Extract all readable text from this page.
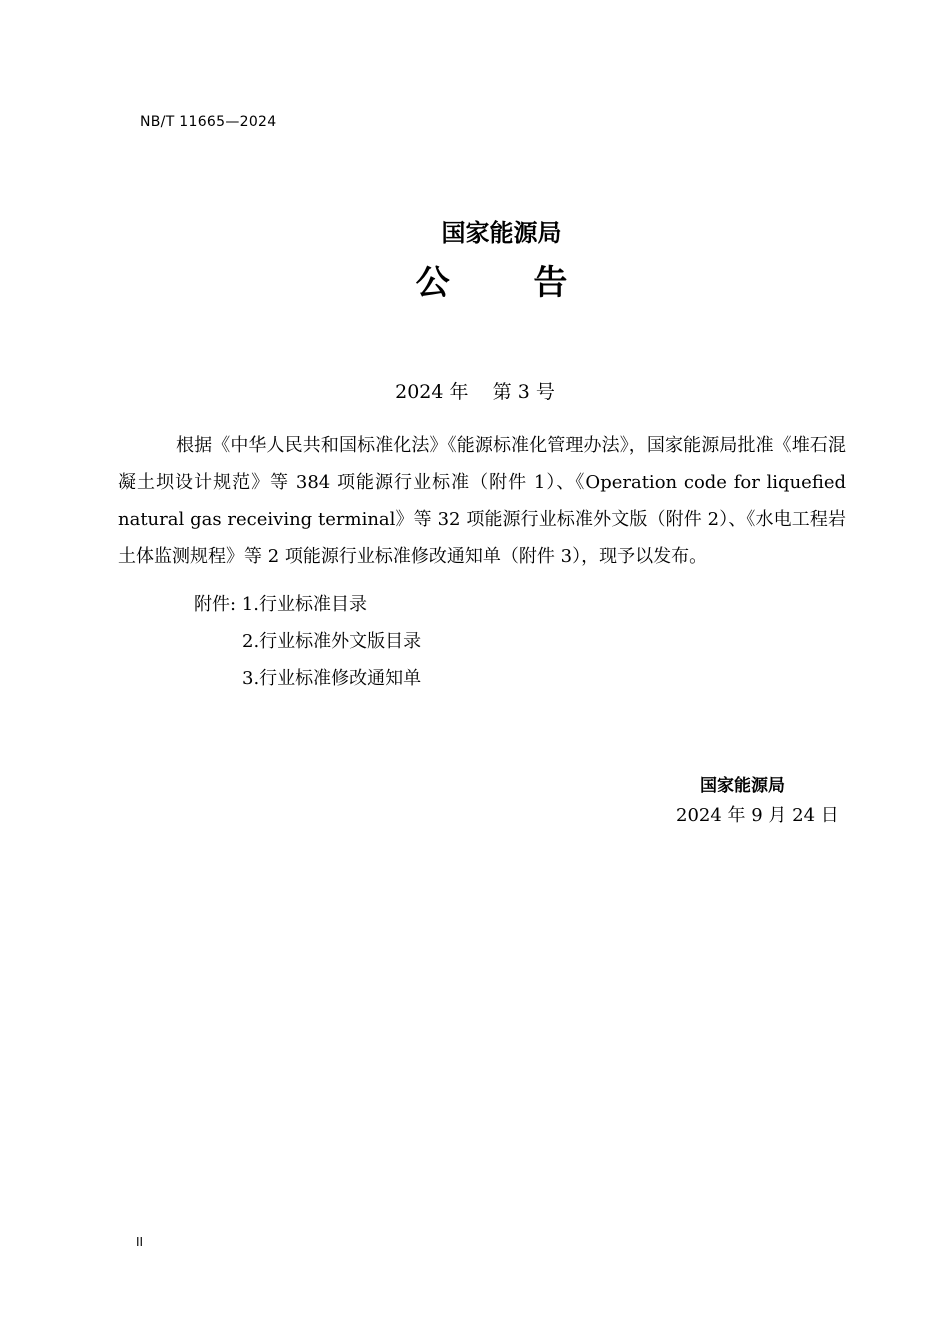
NB/T 11665—2024
国家能源局
公 告
2024 年    第 3 号

根据《中华人民共和国标准化法》《能源标准化管理办法》，国家能源局批准《堆石混凝土坝设计规范》等 384 项能源行业标准（附件 1）、《Operation code for liquefied natural gas receiving terminal》等 32 项能源行业标准外文版（附件 2）、《水电工程岩土体监测规程》等 2 项能源行业标准修改通知单（附件 3），现予以发布。

附件: 1.行业标准目录
2.行业标准外文版目录
3.行业标准修改通知单
国家能源局
2024 年 9 月 24 日
II
